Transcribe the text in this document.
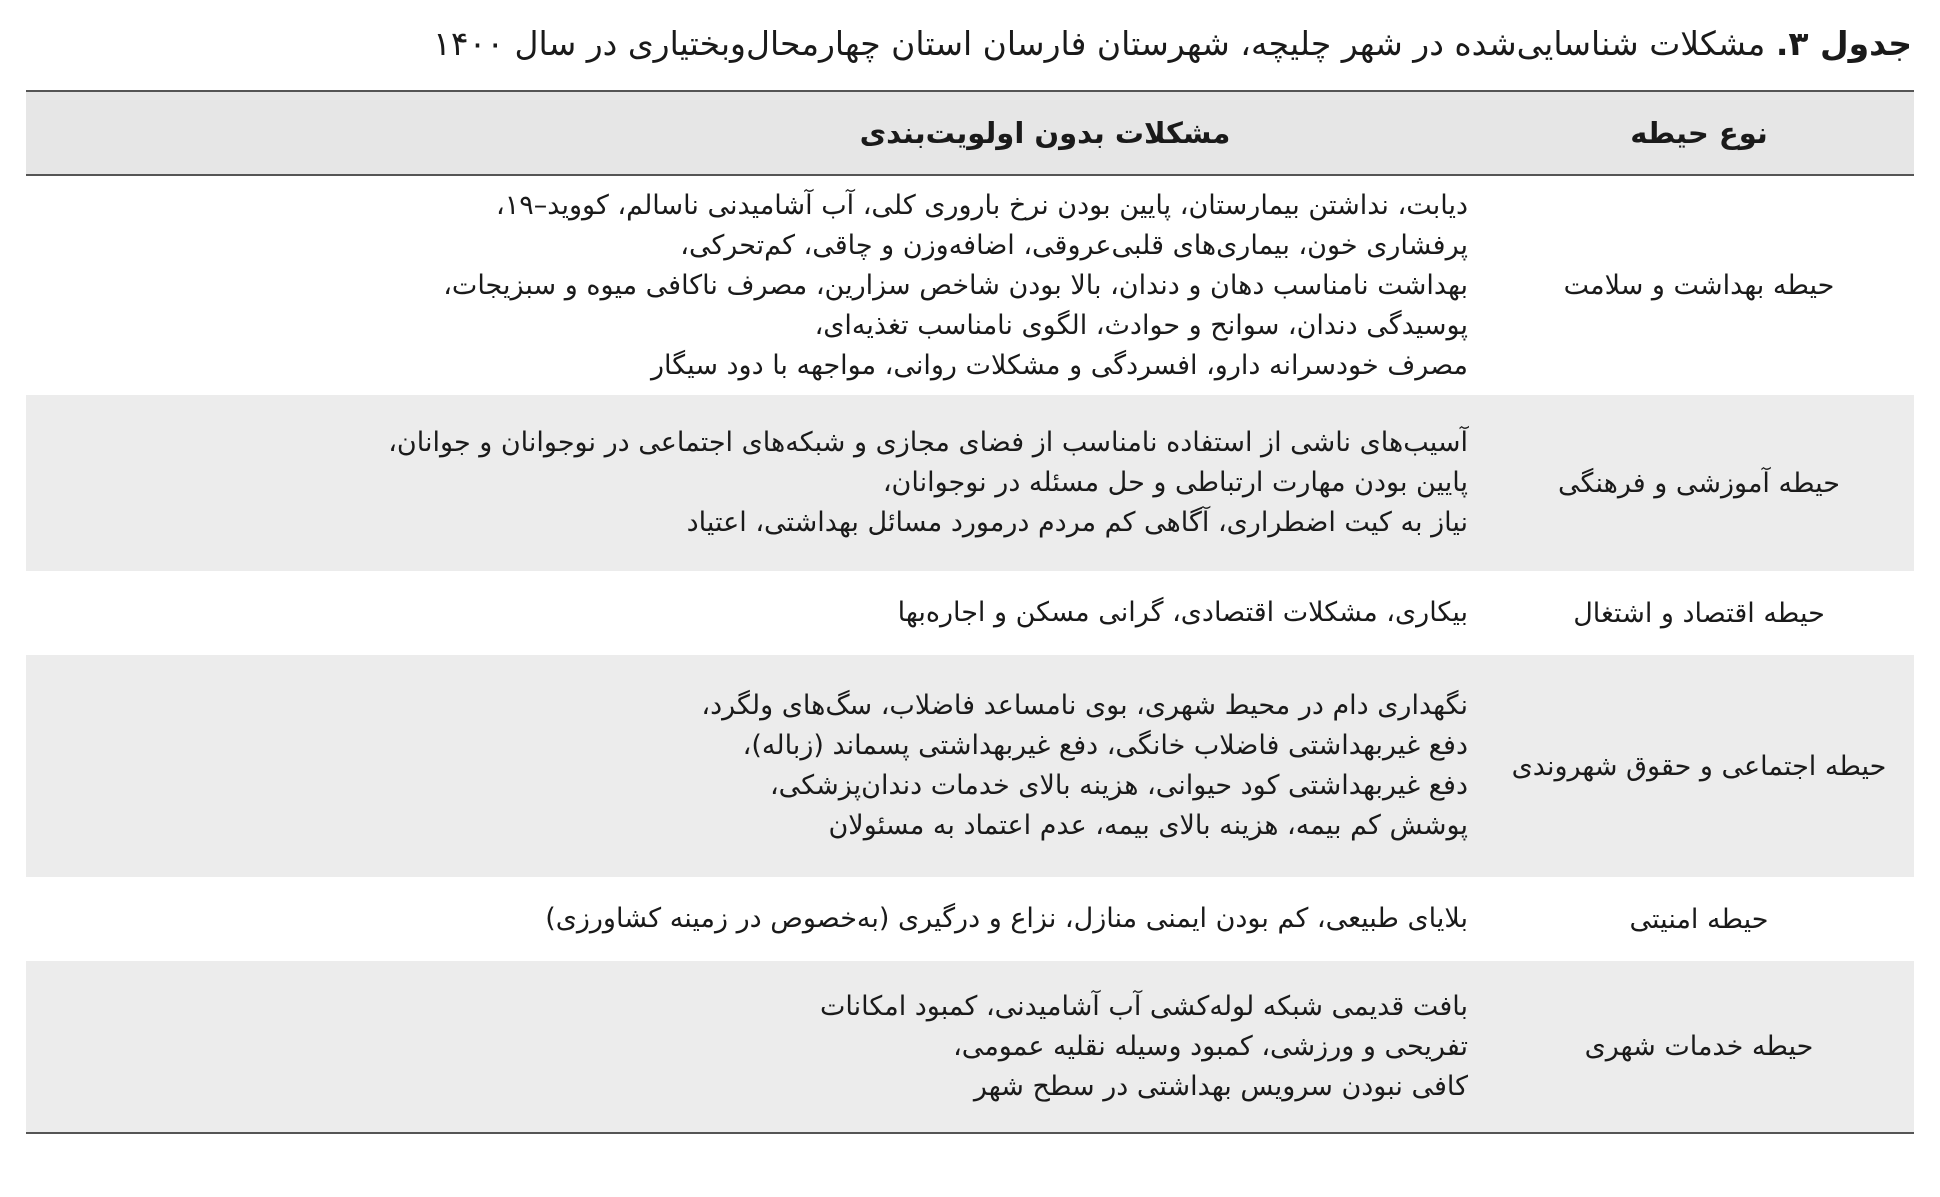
جدول ۳. مشکلات شناسایی‌شده در شهر چلیچه، شهرستان فارسان استان چهارمحال‌وبختیاری در سال ۱۴۰۰
نوع حیطه	مشکلات بدون اولویت‌بندی
حیطه بهداشت و سلامت	دیابت، نداشتن بیمارستان، پایین بودن نرخ باروری کلی، آب آشامیدنی ناسالم، کووید–۱۹،
پرفشاری خون، بیماری‌های قلبی‌عروقی، اضافه‌وزن و چاقی، کم‌تحرکی،
بهداشت نامناسب دهان و دندان، بالا بودن شاخص سزارین، مصرف ناکافی میوه و سبزیجات،
پوسیدگی دندان، سوانح و حوادث، الگوی نامناسب تغذیه‌ای،
مصرف خودسرانه دارو، افسردگی و مشکلات روانی، مواجهه با دود سیگار

حیطه آموزشی و فرهنگی	آسیب‌های ناشی از استفاده نامناسب از فضای مجازی و شبکه‌های اجتماعی در نوجوانان و جوانان،
پایین بودن مهارت ارتباطی و حل مسئله در نوجوانان،
نیاز به کیت اضطراری، آگاهی کم مردم درمورد مسائل بهداشتی، اعتیاد

حیطه اقتصاد و اشتغال	بیکاری، مشکلات اقتصادی، گرانی مسکن و اجاره‌بها

حیطه اجتماعی و حقوق شهروندی	نگهداری دام در محیط شهری، بوی نامساعد فاضلاب، سگ‌های ولگرد،
دفع غیربهداشتی فاضلاب خانگی، دفع غیربهداشتی پسماند (زباله)،
دفع غیربهداشتی کود حیوانی، هزینه بالای خدمات دندان‌پزشکی،
پوشش کم بیمه، هزینه بالای بیمه، عدم اعتماد به مسئولان

حیطه امنیتی	بلایای طبیعی، کم بودن ایمنی منازل، نزاع و درگیری (به‌خصوص در زمینه کشاورزی)

حیطه خدمات شهری	بافت قدیمی شبکه لوله‌کشی آب آشامیدنی، کمبود امکانات
تفریحی و ورزشی، کمبود وسیله نقلیه عمومی،
کافی نبودن سرویس بهداشتی در سطح شهر
